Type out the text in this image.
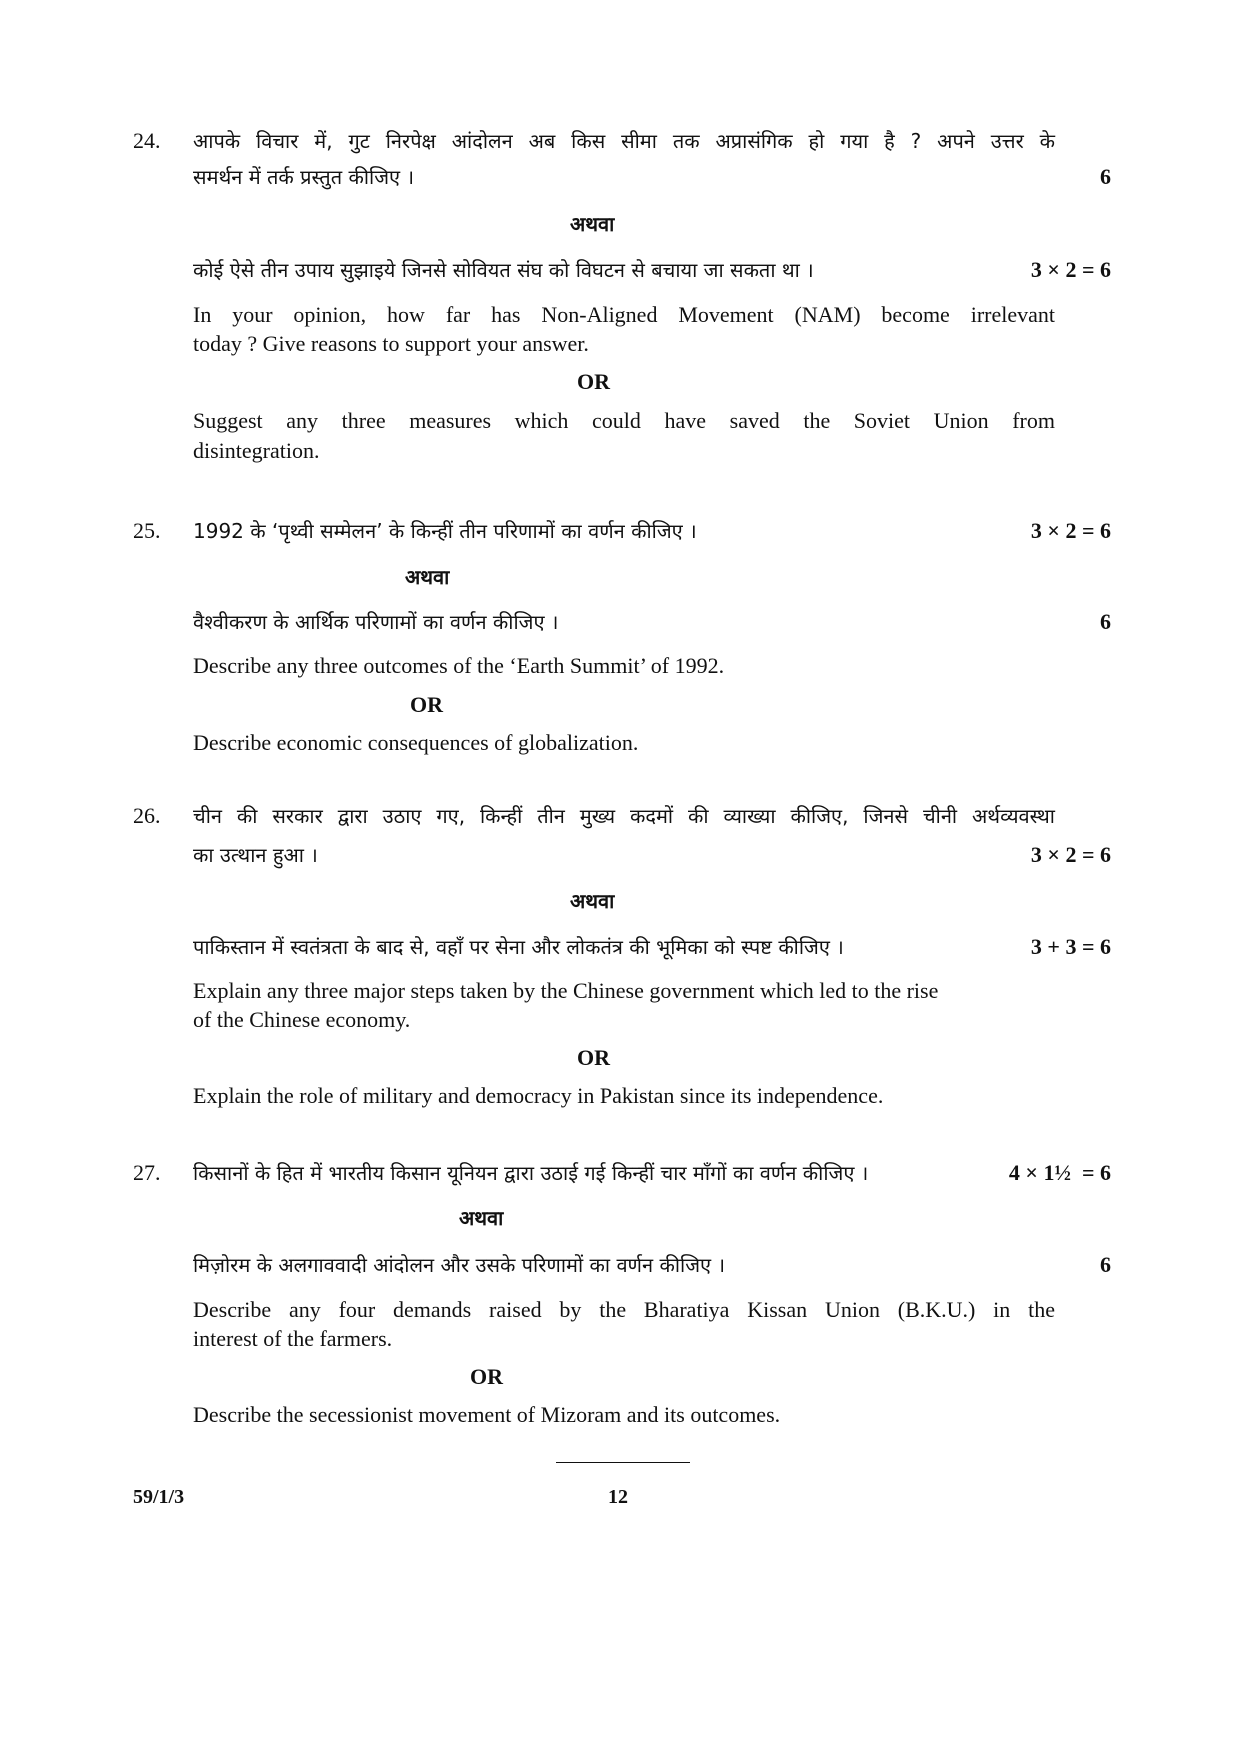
24. आपके विचार में, गुट निरपेक्ष आंदोलन अब किस सीमा तक अप्रासंगिक हो गया है ? अपने उत्तर के
समर्थन में तर्क प्रस्तुत कीजिए ।	6
अथवा
कोई ऐसे तीन उपाय सुझाइये जिनसे सोवियत संघ को विघटन से बचाया जा सकता था ।	3 × 2 = 6
In your opinion, how far has Non-Aligned Movement (NAM) become irrelevant
today ? Give reasons to support your answer.
OR
Suggest any three measures which could have saved the Soviet Union from
disintegration.
25. 1992 के ‘पृथ्वी सम्मेलन’ के किन्हीं तीन परिणामों का वर्णन कीजिए ।	3 × 2 = 6
अथवा
वैश्वीकरण के आर्थिक परिणामों का वर्णन कीजिए ।	6
Describe any three outcomes of the ‘Earth Summit’ of 1992.
OR
Describe economic consequences of globalization.
26. चीन की सरकार द्वारा उठाए गए, किन्हीं तीन मुख्य कदमों की व्याख्या कीजिए, जिनसे चीनी अर्थव्यवस्था
का उत्थान हुआ ।	3 × 2 = 6
अथवा
पाकिस्तान में स्वतंत्रता के बाद से, वहाँ पर सेना और लोकतंत्र की भूमिका को स्पष्ट कीजिए ।	3 + 3 = 6
Explain any three major steps taken by the Chinese government which led to the rise
of the Chinese economy.
OR
Explain the role of military and democracy in Pakistan since its independence.
27. किसानों के हित में भारतीय किसान यूनियन द्वारा उठाई गई किन्हीं चार माँगों का वर्णन कीजिए ।	4 × 1½  = 6
अथवा
मिज़ोरम के अलगाववादी आंदोलन और उसके परिणामों का वर्णन कीजिए ।	6
Describe any four demands raised by the Bharatiya Kissan Union (B.K.U.) in the
interest of the farmers.
OR
Describe the secessionist movement of Mizoram and its outcomes.
59/1/3	12
